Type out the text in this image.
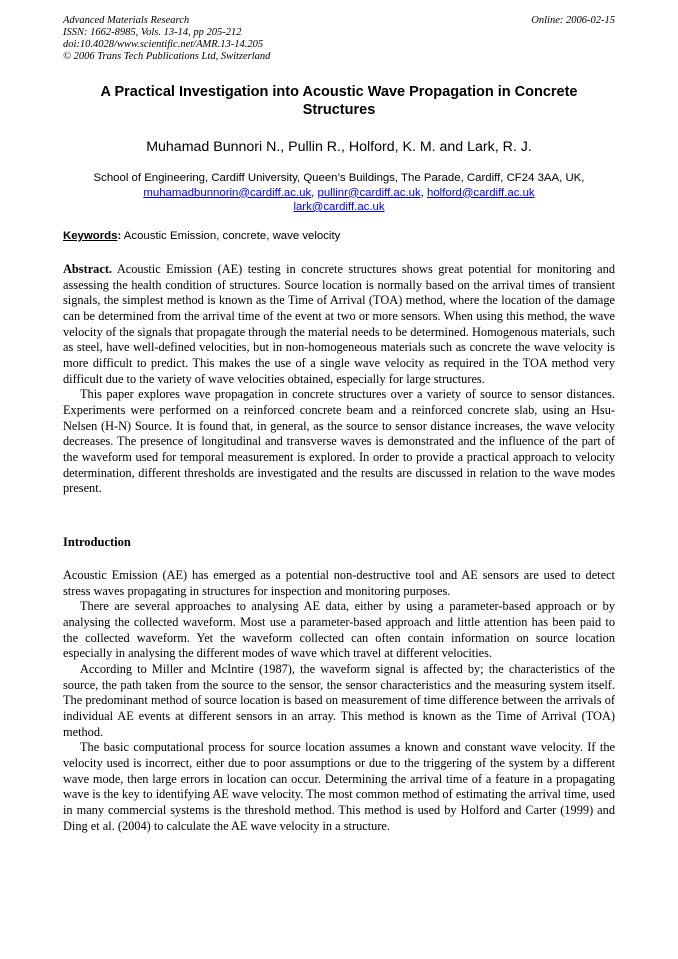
Advanced Materials Research
ISSN: 1662-8985, Vols. 13-14, pp 205-212
doi:10.4028/www.scientific.net/AMR.13-14.205
© 2006 Trans Tech Publications Ltd, Switzerland
Online: 2006-02-15
A Practical Investigation into Acoustic Wave Propagation in Concrete Structures
Muhamad Bunnori N., Pullin R., Holford, K. M. and Lark, R. J.
School of Engineering, Cardiff University, Queen’s Buildings, The Parade, Cardiff, CF24 3AA, UK,
muhamadbunnorin@cardiff.ac.uk, pullinr@cardiff.ac.uk, holford@cardiff.ac.uk
lark@cardiff.ac.uk
Keywords: Acoustic Emission, concrete, wave velocity

Abstract. Acoustic Emission (AE) testing in concrete structures shows great potential for monitoring and assessing the health condition of structures. Source location is normally based on the arrival times of transient signals, the simplest method is known as the Time of Arrival (TOA) method, where the location of the damage can be determined from the arrival time of the event at two or more sensors. When using this method, the wave velocity of the signals that propagate through the material needs to be determined. Homogenous materials, such as steel, have well-defined velocities, but in non-homogeneous materials such as concrete the wave velocity is more difficult to predict. This makes the use of a single wave velocity as required in the TOA method very difficult due to the variety of wave velocities obtained, especially for large structures.

This paper explores wave propagation in concrete structures over a variety of source to sensor distances. Experiments were performed on a reinforced concrete beam and a reinforced concrete slab, using an Hsu-Nelsen (H-N) Source. It is found that, in general, as the source to sensor distance increases, the wave velocity decreases. The presence of longitudinal and transverse waves is demonstrated and the influence of the part of the waveform used for temporal measurement is explored. In order to provide a practical approach to velocity determination, different thresholds are investigated and the results are discussed in relation to the wave modes present.

Introduction

Acoustic Emission (AE) has emerged as a potential non-destructive tool and AE sensors are used to detect stress waves propagating in structures for inspection and monitoring purposes.

There are several approaches to analysing AE data, either by using a parameter-based approach or by analysing the collected waveform. Most use a parameter-based approach and little attention has been paid to the collected waveform. Yet the waveform collected can often contain information on source location especially in analysing the different modes of wave which travel at different velocities.

According to Miller and McIntire (1987), the waveform signal is affected by; the characteristics of the source, the path taken from the source to the sensor, the sensor characteristics and the measuring system itself. The predominant method of source location is based on measurement of time difference between the arrivals of individual AE events at different sensors in an array. This method is known as the Time of Arrival (TOA) method.

The basic computational process for source location assumes a known and constant wave velocity. If the velocity used is incorrect, either due to poor assumptions or due to the triggering of the system by a different wave mode, then large errors in location can occur. Determining the arrival time of a feature in a propagating wave is the key to identifying AE wave velocity. The most common method of estimating the arrival time, used in many commercial systems is the threshold method. This method is used by Holford and Carter (1999) and Ding et al. (2004) to calculate the AE wave velocity in a structure.
